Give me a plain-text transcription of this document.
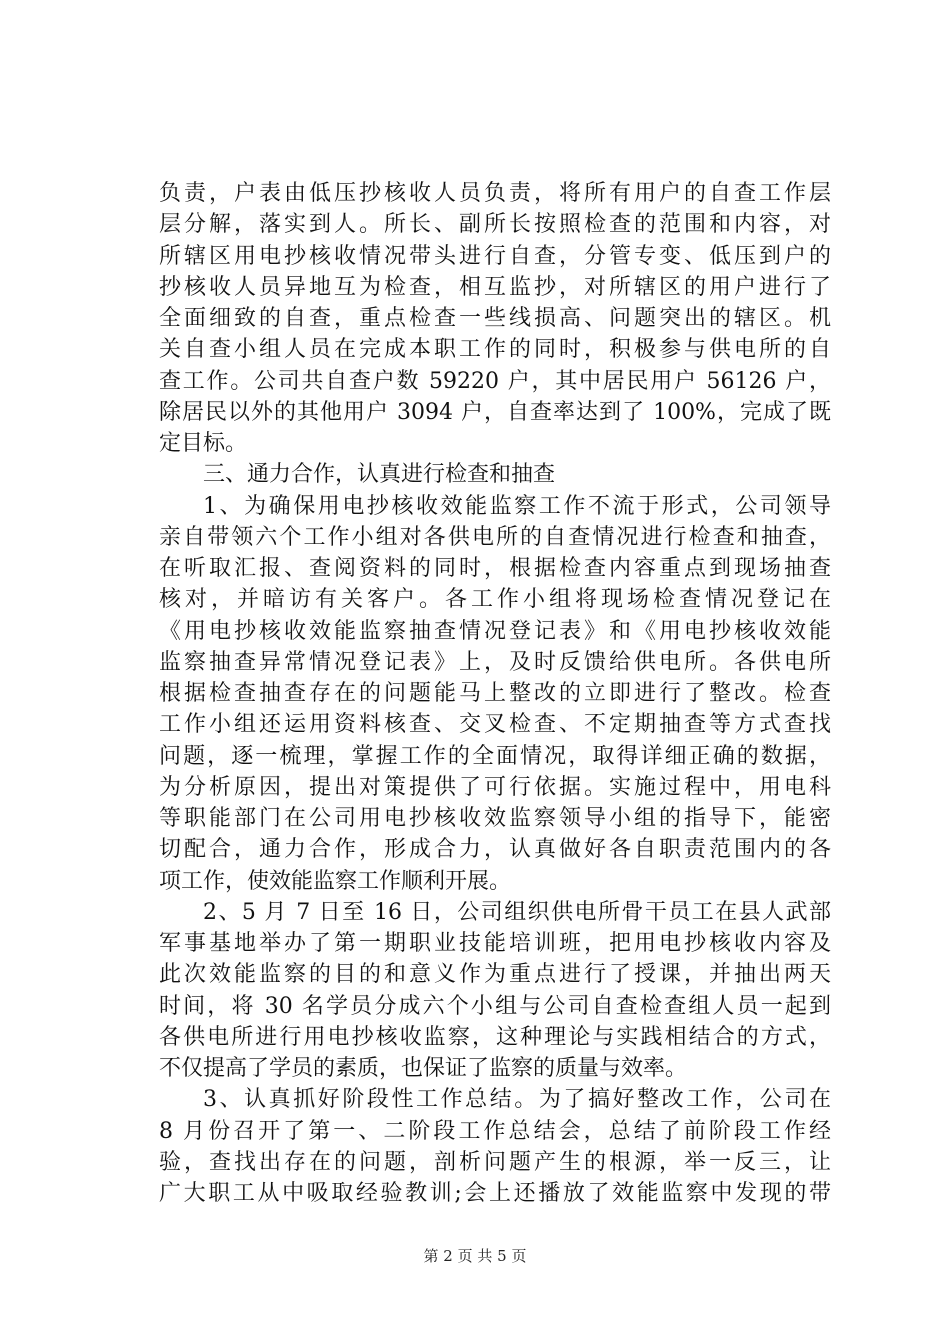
负责，户表由低压抄核收人员负责，将所有用户的自查工作层
层分解，落实到人。所长、副所长按照检查的范围和内容，对
所辖区用电抄核收情况带头进行自查，分管专变、低压到户的
抄核收人员异地互为检查，相互监抄，对所辖区的用户进行了
全面细致的自查，重点检查一些线损高、问题突出的辖区。机
关自查小组人员在完成本职工作的同时，积极参与供电所的自
查工作。公司共自查户数 59220 户，其中居民用户 56126 户，
除居民以外的其他用户 3094 户，自查率达到了 100%，完成了既
定目标。
三、通力合作，认真进行检查和抽查
1、为确保用电抄核收效能监察工作不流于形式，公司领导
亲自带领六个工作小组对各供电所的自查情况进行检查和抽查，
在听取汇报、查阅资料的同时，根据检查内容重点到现场抽查
核对，并暗访有关客户。各工作小组将现场检查情况登记在
《用电抄核收效能监察抽查情况登记表》和《用电抄核收效能
监察抽查异常情况登记表》上，及时反馈给供电所。各供电所
根据检查抽查存在的问题能马上整改的立即进行了整改。检查
工作小组还运用资料核查、交叉检查、不定期抽查等方式查找
问题，逐一梳理，掌握工作的全面情况，取得详细正确的数据，
为分析原因，提出对策提供了可行依据。实施过程中，用电科
等职能部门在公司用电抄核收效监察领导小组的指导下，能密
切配合，通力合作，形成合力，认真做好各自职责范围内的各
项工作，使效能监察工作顺利开展。
2、5 月 7 日至 16 日，公司组织供电所骨干员工在县人武部
军事基地举办了第一期职业技能培训班，把用电抄核收内容及
此次效能监察的目的和意义作为重点进行了授课，并抽出两天
时间，将 30 名学员分成六个小组与公司自查检查组人员一起到
各供电所进行用电抄核收监察，这种理论与实践相结合的方式，
不仅提高了学员的素质，也保证了监察的质量与效率。
3、认真抓好阶段性工作总结。为了搞好整改工作，公司在
8 月份召开了第一、二阶段工作总结会，总结了前阶段工作经
验，查找出存在的问题，剖析问题产生的根源，举一反三，让
广大职工从中吸取经验教训;会上还播放了效能监察中发现的带
第 2 页 共 5 页
